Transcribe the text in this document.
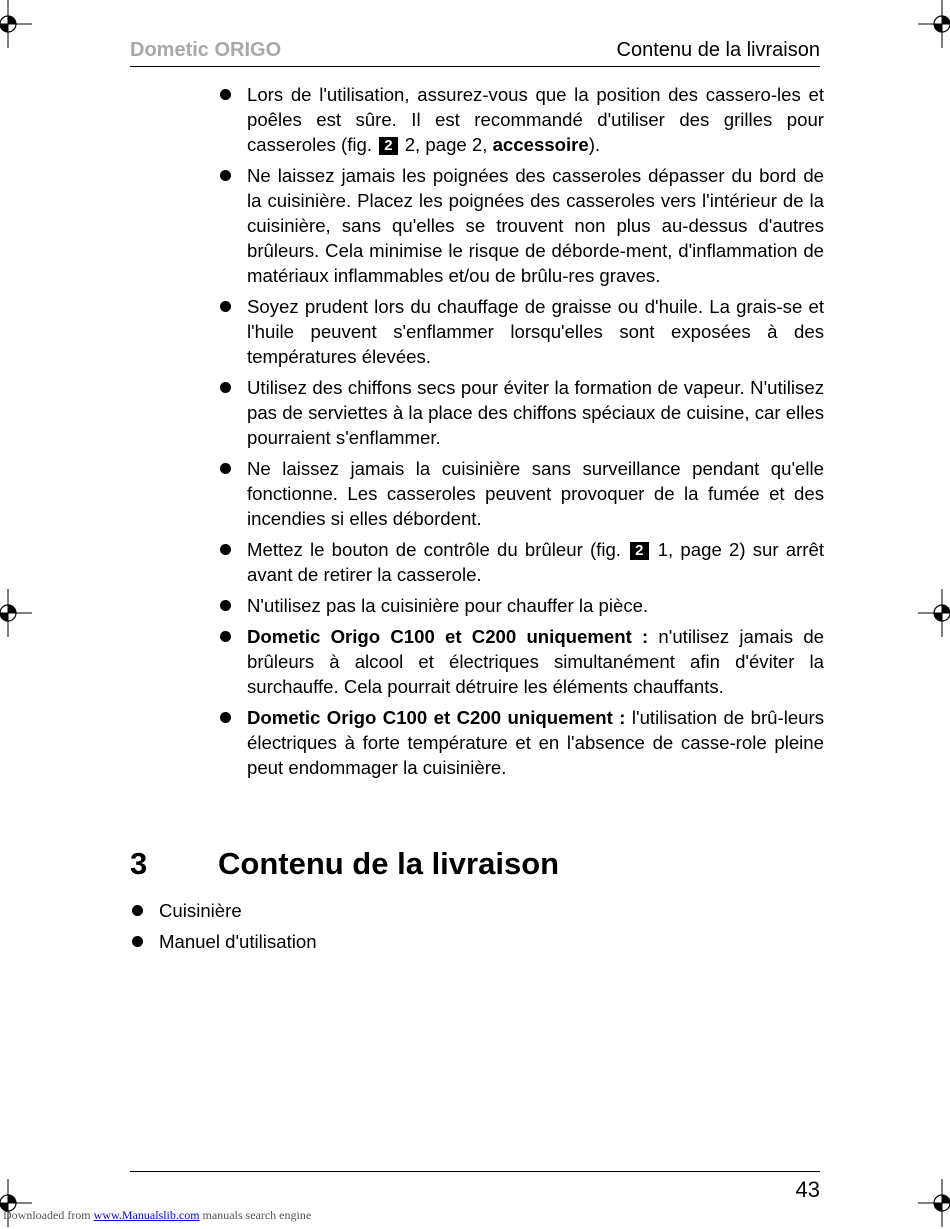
Dometic ORIGO	Contenu de la livraison
Lors de l'utilisation, assurez-vous que la position des cassero-les et poêles est sûre. Il est recommandé d'utiliser des grilles pour casseroles (fig. 2 2, page 2, accessoire).
Ne laissez jamais les poignées des casseroles dépasser du bord de la cuisinière. Placez les poignées des casseroles vers l'intérieur de la cuisinière, sans qu'elles se trouvent non plus au-dessus d'autres brûleurs. Cela minimise le risque de déborde-ment, d'inflammation de matériaux inflammables et/ou de brûlu-res graves.
Soyez prudent lors du chauffage de graisse ou d'huile. La grais-se et l'huile peuvent s'enflammer lorsqu'elles sont exposées à des températures élevées.
Utilisez des chiffons secs pour éviter la formation de vapeur. N'utilisez pas de serviettes à la place des chiffons spéciaux de cuisine, car elles pourraient s'enflammer.
Ne laissez jamais la cuisinière sans surveillance pendant qu'elle fonctionne. Les casseroles peuvent provoquer de la fumée et des incendies si elles débordent.
Mettez le bouton de contrôle du brûleur (fig. 2 1, page 2) sur arrêt avant de retirer la casserole.
N'utilisez pas la cuisinière pour chauffer la pièce.
Dometic Origo C100 et C200 uniquement : n'utilisez jamais de brûleurs à alcool et électriques simultanément afin d'éviter la surchauffe. Cela pourrait détruire les éléments chauffants.
Dometic Origo C100 et C200 uniquement : l'utilisation de brû-leurs électriques à forte température et en l'absence de casse-role pleine peut endommager la cuisinière.
3 Contenu de la livraison
Cuisinière
Manuel d'utilisation
43
Downloaded from www.Manualslib.com manuals search engine
